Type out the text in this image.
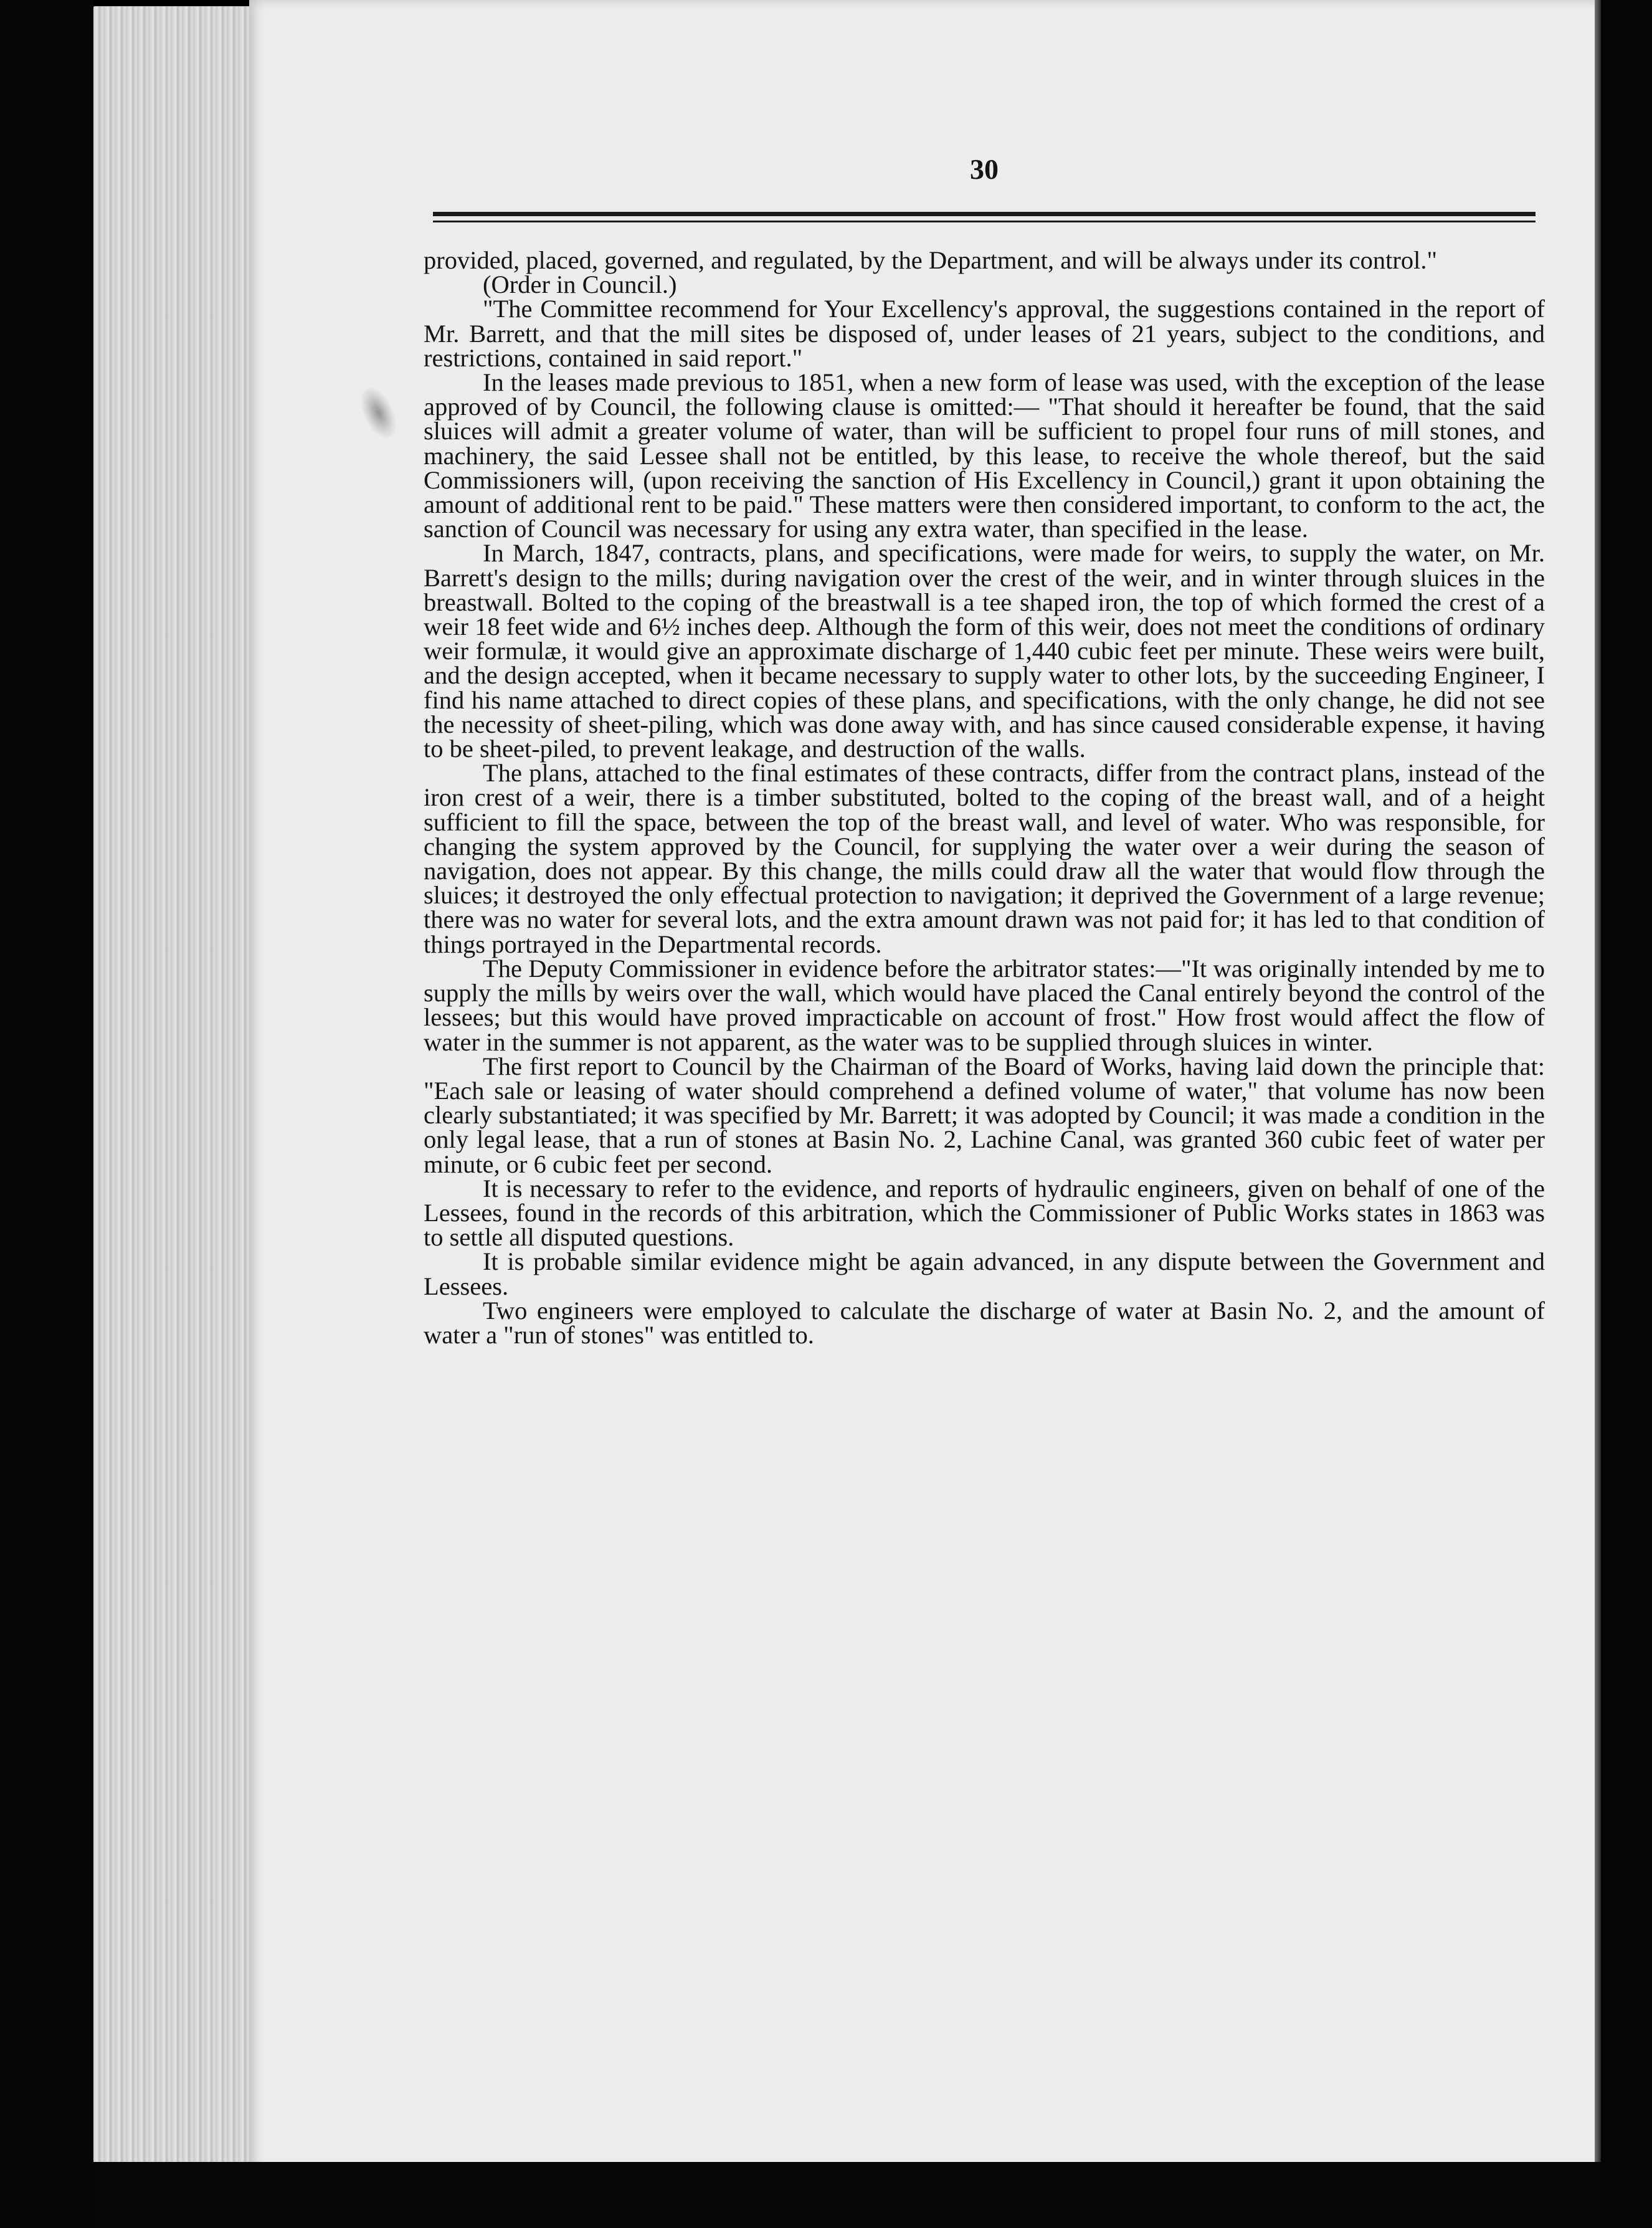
30

provided, placed, governed, and regulated, by the Department, and will be always under its control."

(Order in Council.)

"The Committee recommend for Your Excellency's approval, the suggestions contained in the report of Mr. Barrett, and that the mill sites be disposed of, under leases of 21 years, subject to the conditions, and restrictions, contained in said report."

In the leases made previous to 1851, when a new form of lease was used, with the exception of the lease approved of by Council, the following clause is omitted:— "That should it hereafter be found, that the said sluices will admit a greater volume of water, than will be sufficient to propel four runs of mill stones, and machinery, the said Lessee shall not be entitled, by this lease, to receive the whole thereof, but the said Commissioners will, (upon receiving the sanction of His Excellency in Council,) grant it upon obtaining the amount of additional rent to be paid." These matters were then considered important, to conform to the act, the sanction of Council was necessary for using any extra water, than specified in the lease.

In March, 1847, contracts, plans, and specifications, were made for weirs, to supply the water, on Mr. Barrett's design to the mills; during navigation over the crest of the weir, and in winter through sluices in the breastwall. Bolted to the coping of the breastwall is a tee shaped iron, the top of which formed the crest of a weir 18 feet wide and 6½ inches deep. Although the form of this weir, does not meet the conditions of ordinary weir formulæ, it would give an approximate discharge of 1,440 cubic feet per minute. These weirs were built, and the design accepted, when it became necessary to supply water to other lots, by the succeeding Engineer, I find his name attached to direct copies of these plans, and specifications, with the only change, he did not see the necessity of sheet-piling, which was done away with, and has since caused considerable expense, it having to be sheet-piled, to prevent leakage, and destruction of the walls.

The plans, attached to the final estimates of these contracts, differ from the contract plans, instead of the iron crest of a weir, there is a timber substituted, bolted to the coping of the breast wall, and of a height sufficient to fill the space, between the top of the breast wall, and level of water. Who was responsible, for changing the system approved by the Council, for supplying the water over a weir during the season of navigation, does not appear. By this change, the mills could draw all the water that would flow through the sluices; it destroyed the only effectual protection to navigation; it deprived the Government of a large revenue; there was no water for several lots, and the extra amount drawn was not paid for; it has led to that condition of things portrayed in the Departmental records.

The Deputy Commissioner in evidence before the arbitrator states:—"It was originally intended by me to supply the mills by weirs over the wall, which would have placed the Canal entirely beyond the control of the lessees; but this would have proved impracticable on account of frost." How frost would affect the flow of water in the summer is not apparent, as the water was to be supplied through sluices in winter.

The first report to Council by the Chairman of the Board of Works, having laid down the principle that: "Each sale or leasing of water should comprehend a defined volume of water," that volume has now been clearly substantiated; it was specified by Mr. Barrett; it was adopted by Council; it was made a condition in the only legal lease, that a run of stones at Basin No. 2, Lachine Canal, was granted 360 cubic feet of water per minute, or 6 cubic feet per second.

It is necessary to refer to the evidence, and reports of hydraulic engineers, given on behalf of one of the Lessees, found in the records of this arbitration, which the Commissioner of Public Works states in 1863 was to settle all disputed questions.

It is probable similar evidence might be again advanced, in any dispute between the Government and Lessees.

Two engineers were employed to calculate the discharge of water at Basin No. 2, and the amount of water a "run of stones" was entitled to.
